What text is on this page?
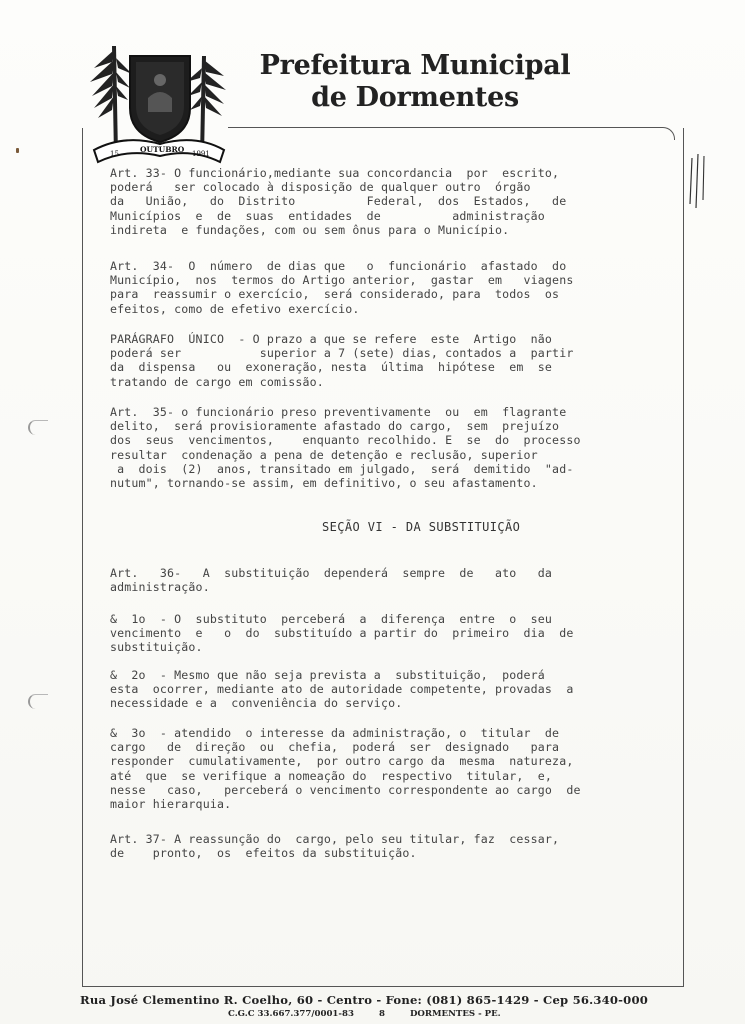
15	OUTUBRO 1991
Prefeitura Municipal
de Dormentes

Art. 33- O funcionário,mediante sua concordancia  por  escrito,

poderá   ser colocado à disposição de qualquer outro  órgão

da   União,   do  Distrito          Federal,  dos  Estados,   de

Municípios  e  de  suas  entidades  de          administração

indireta  e fundações, com ou sem ônus para o Município.

Art.  34-  O  número  de dias que   o  funcionário  afastado  do

Município,  nos  termos do Artigo anterior,  gastar  em   viagens

para  reassumir o exercício,  será considerado, para  todos  os

efeitos, como de efetivo exercício.

PARÁGRAFO  ÚNICO  - O prazo a que se refere  este  Artigo  não

poderá ser           superior a 7 (sete) dias, contados a  partir

da  dispensa   ou  exoneração, nesta  última  hipótese  em  se

tratando de cargo em comissão.

Art.  35- o funcionário preso preventivamente  ou  em  flagrante

delito,  será provisioramente afastado do cargo,  sem  prejuízo

dos  seus  vencimentos,    enquanto recolhido. E  se  do  processo

resultar  condenação a pena de detenção e reclusão, superior

a  dois  (2)  anos, transitado em julgado,  será  demitido  "ad-

nutum", tornando-se assim, em definitivo, o seu afastamento.

SEÇÃO VI - DA SUBSTITUIÇÃO

Art.   36-   A  substituição  dependerá  sempre  de   ato   da

administração.

&  1o  - O  substituto  perceberá  a  diferença  entre  o  seu

vencimento  e   o  do  substituído a partir do  primeiro  dia  de

substituição.

&  2o  - Mesmo que não seja prevista a  substituição,  poderá

esta  ocorrer, mediante ato de autoridade competente, provadas  a

necessidade e a  conveniência do serviço.

&  3o  - atendido  o interesse da administração, o  titular  de

cargo   de  direção  ou  chefia,  poderá  ser  designado   para

responder  cumulativamente,  por outro cargo da  mesma  natureza,

até  que  se verifique a nomeação do  respectivo  titular,  e,

nesse   caso,   perceberá o vencimento correspondente ao cargo  de

maior hierarquia.

Art. 37- A reassunção do  cargo, pelo seu titular, faz  cessar,

de    pronto,  os  efeitos da substituição.

Rua José Clementino R. Coelho, 60 - Centro - Fone: (081) 865-1429 - Cep 56.340-000
C.G.C 33.667.377/0001-83	8	DORMENTES - PE.
